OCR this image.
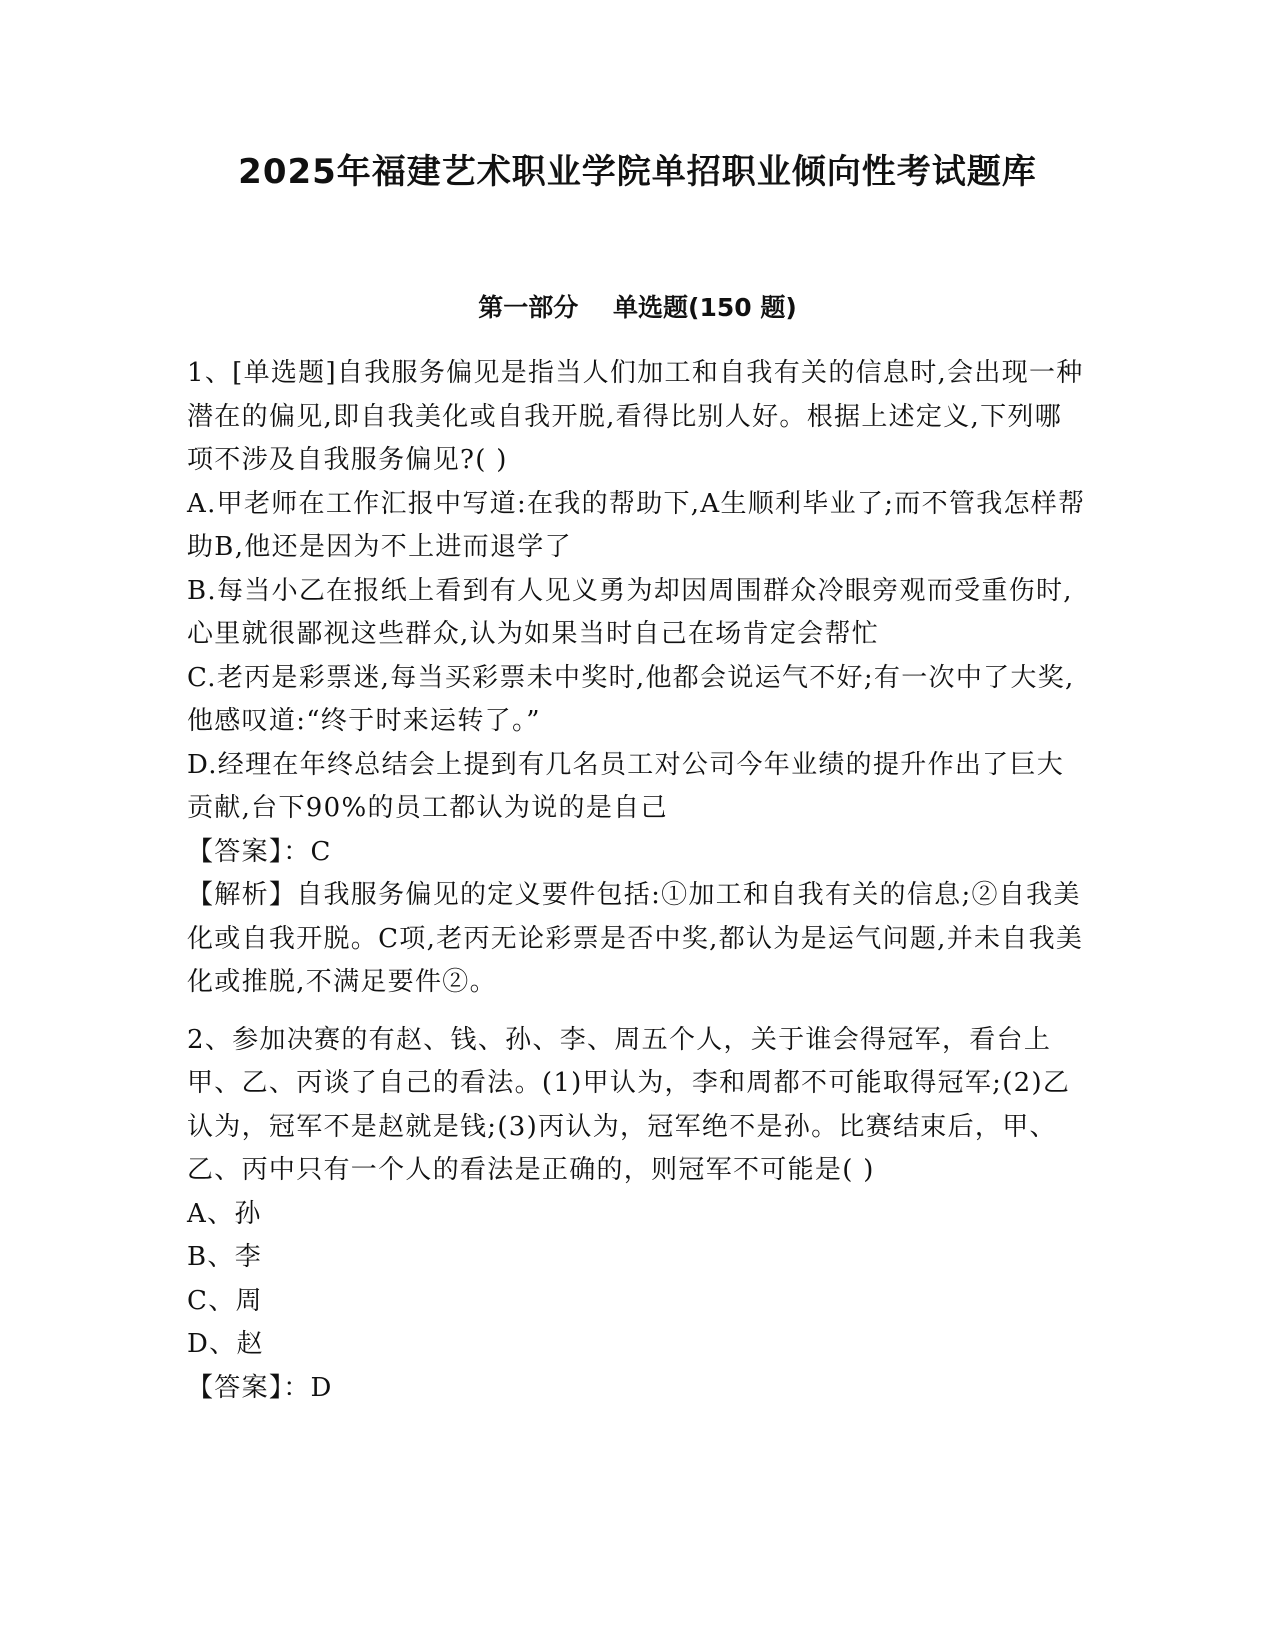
2025年福建艺术职业学院单招职业倾向性考试题库
第一部分    单选题(150 题)

1、[单选题]自我服务偏见是指当人们加工和自我有关的信息时,会出现一种潜在的偏见,即自我美化或自我开脱,看得比别人好。根据上述定义,下列哪项不涉及自我服务偏见?( )

A.甲老师在工作汇报中写道:在我的帮助下,A生顺利毕业了;而不管我怎样帮助B,他还是因为不上进而退学了

B.每当小乙在报纸上看到有人见义勇为却因周围群众冷眼旁观而受重伤时,心里就很鄙视这些群众,认为如果当时自己在场肯定会帮忙

C.老丙是彩票迷,每当买彩票未中奖时,他都会说运气不好;有一次中了大奖,他感叹道:“终于时来运转了。”

D.经理在年终总结会上提到有几名员工对公司今年业绩的提升作出了巨大贡献,台下90%的员工都认为说的是自己

【答案】：C

【解析】自我服务偏见的定义要件包括:①加工和自我有关的信息;②自我美化或自我开脱。C项,老丙无论彩票是否中奖,都认为是运气问题,并未自我美化或推脱,不满足要件②。

2、参加决赛的有赵、钱、孙、李、周五个人，关于谁会得冠军，看台上甲、乙、丙谈了自己的看法。(1)甲认为，李和周都不可能取得冠军;(2)乙认为，冠军不是赵就是钱;(3)丙认为，冠军绝不是孙。比赛结束后，甲、乙、丙中只有一个人的看法是正确的，则冠军不可能是( )

A、孙

B、李

C、周

D、赵

【答案】：D
